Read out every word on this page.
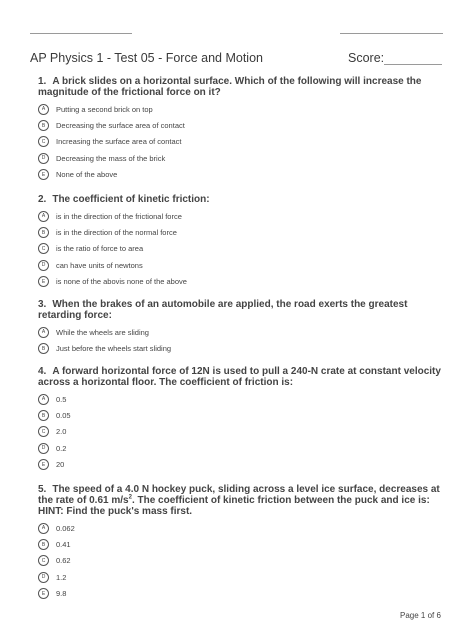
AP Physics 1 - Test 05 - Force and Motion	Score:
1. A brick slides on a horizontal surface. Which of the following will increase the magnitude of the frictional force on it?
A	Putting a second brick on top
B	Decreasing the surface area of contact
C	Increasing the surface area of contact
D	Decreasing the mass of the brick
E	None of the above
2. The coefficient of kinetic friction:
A	is in the direction of the frictional force
B	is in the direction of the normal force
C	is the ratio of force to area
D	can have units of newtons
E	is none of the abovis none of the above
3. When the brakes of an automobile are applied, the road exerts the greatest retarding force:
A	While the wheels are sliding
B	Just before the wheels start sliding
4. A forward horizontal force of 12N is used to pull a 240-N crate at constant velocity across a horizontal floor. The coefficient of friction is:
A	0.5
B	0.05
C	2.0
D	0.2
E	20
5. The speed of a 4.0 N hockey puck, sliding across a level ice surface, decreases at the rate of 0.61 $m/s^2$. The coefficient of kinetic friction between the puck and ice is: HINT: Find the puck's mass first.
A	0.062
B	0.41
C	0.62
D	1.2
E	9.8
Page 1 of 6
